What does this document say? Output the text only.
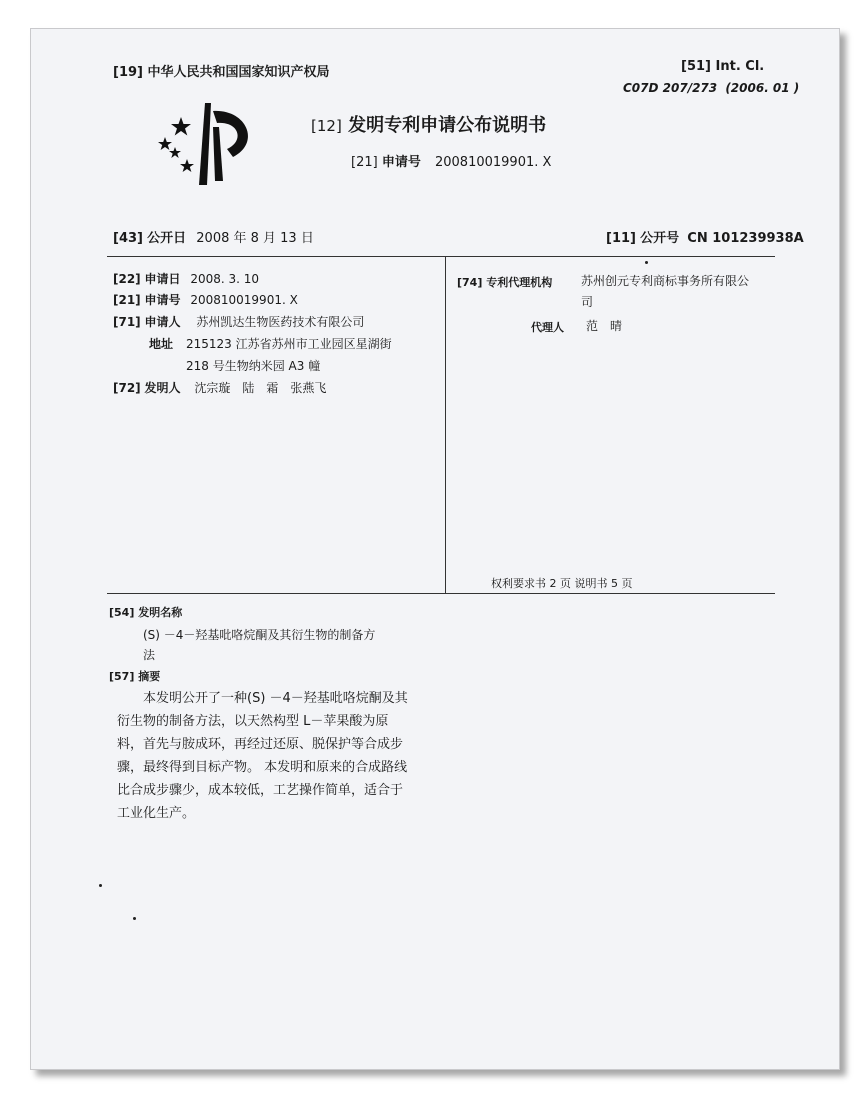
[19] 中华人民共和国国家知识产权局	[51] Int. Cl.
C07D 207/273 (2006. 01 )
[12] 发明专利申请公布说明书
[21] 申请号 200810019901. X
[43] 公开日 2008 年 8 月 13 日	[11] 公开号 CN 101239938A
[22] 申请日 2008. 3. 10
[21] 申请号 200810019901. X
[71] 申请人 苏州凯达生物医药技术有限公司
地址 215123 江苏省苏州市工业园区星湖街
218 号生物纳米园 A3 幢
[72] 发明人 沈宗璇　陆　霜　张燕飞
[74] 专利代理机构 苏州创元专利商标事务所有限公
司
代理人 范　晴
权利要求书 2 页 说明书 5 页
[54] 发明名称
(S) －4－羟基吡咯烷酮及其衍生物的制备方
法
[57] 摘要
本发明公开了一种(S) －4－羟基吡咯烷酮及其
衍生物的制备方法，以天然构型 L－苹果酸为原
料，首先与胺成环，再经过还原、脱保护等合成步
骤，最终得到目标产物。 本发明和原来的合成路线
比合成步骤少，成本较低，工艺操作简单，适合于
工业化生产。
